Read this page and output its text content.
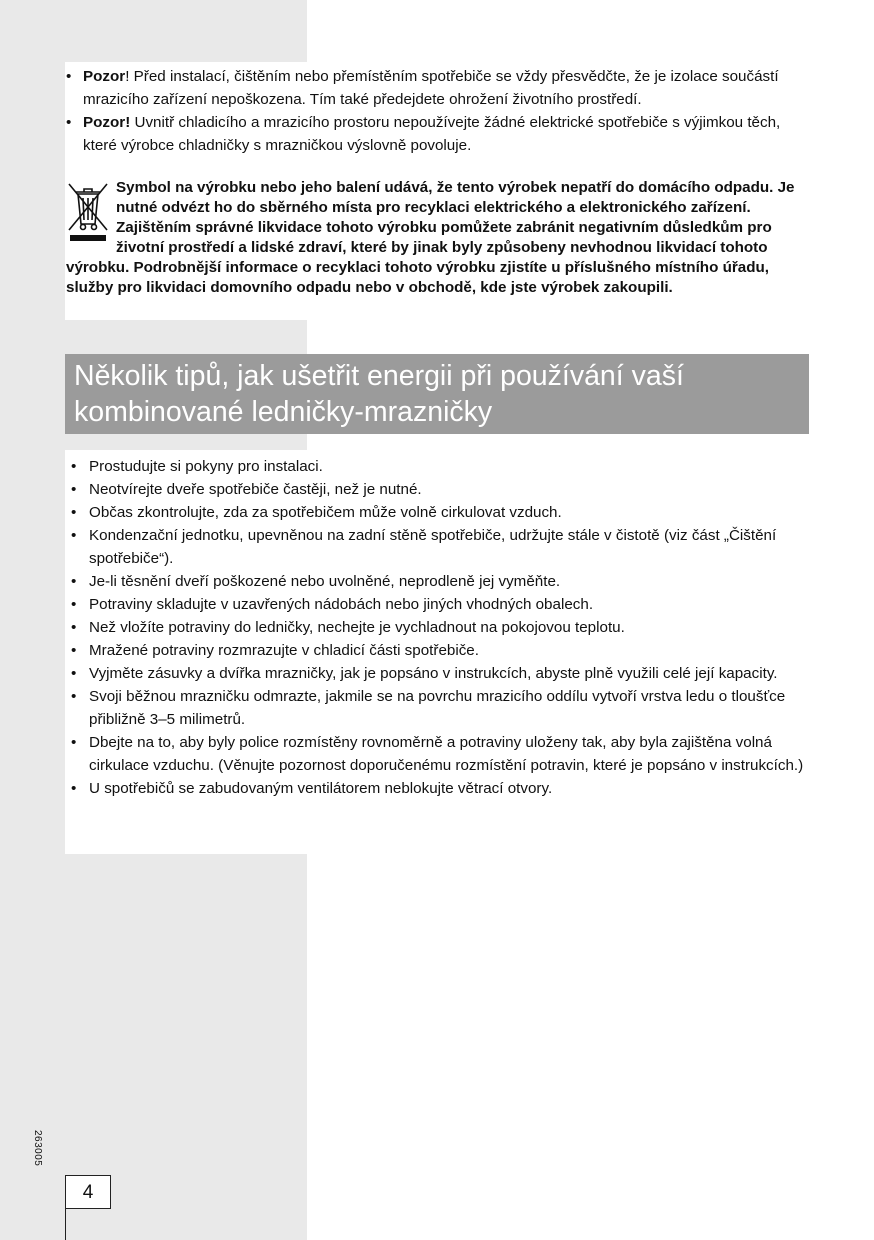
• Pozor! Před instalací, čištěním nebo přemístěním spotřebiče se vždy přesvědčte, že je izolace součástí mrazicího zařízení nepoškozena. Tím také předejdete ohrožení životního prostředí.
• Pozor! Uvnitř chladicího a mrazicího prostoru nepoužívejte žádné elektrické spotřebiče s výjimkou těch, které výrobce chladničky s mrazničkou výslovně povoluje.
Symbol na výrobku nebo jeho balení udává, že tento výrobek nepatří do domácího odpadu. Je nutné odvézt ho do sběrného místa pro recyklaci elektrického a elektronického zařízení. Zajištěním správné likvidace tohoto výrobku pomůžete zabránit negativním důsledkům pro životní prostředí a lidské zdraví, které by jinak byly způsobeny nevhodnou likvidací tohoto výrobku. Podrobnější informace o recyklaci tohoto výrobku zjistíte u příslušného místního úřadu, služby pro likvidaci domovního odpadu nebo v obchodě, kde jste výrobek zakoupili.
Několik tipů, jak ušetřit energii při používání vaší kombinované ledničky-mrazničky
• Prostudujte si pokyny pro instalaci.
• Neotvírejte dveře spotřebiče častěji, než je nutné.
• Občas zkontrolujte, zda za spotřebičem může volně cirkulovat vzduch.
• Kondenzační jednotku, upevněnou na zadní stěně spotřebiče, udržujte stále v čistotě (viz část „Čištění spotřebiče“).
• Je-li těsnění dveří poškozené nebo uvolněné, neprodleně jej vyměňte.
• Potraviny skladujte v uzavřených nádobách nebo jiných vhodných obalech.
• Než vložíte potraviny do ledničky, nechejte je vychladnout na pokojovou teplotu.
• Mražené potraviny rozmrazujte v chladicí části spotřebiče.
• Vyjměte zásuvky a dvířka mrazničky, jak je popsáno v instrukcích, abyste plně využili celé její kapacity.
• Svoji běžnou mrazničku odmrazte, jakmile se na povrchu mrazicího oddílu vytvoří vrstva ledu o tloušťce přibližně 3–5 milimetrů.
• Dbejte na to, aby byly police rozmístěny rovnoměrně a potraviny uloženy tak, aby byla zajištěna volná cirkulace vzduchu. (Věnujte pozornost doporučenému rozmístění potravin, které je popsáno v instrukcích.)
• U spotřebičů se zabudovaným ventilátorem neblokujte větrací otvory.
263005
4
